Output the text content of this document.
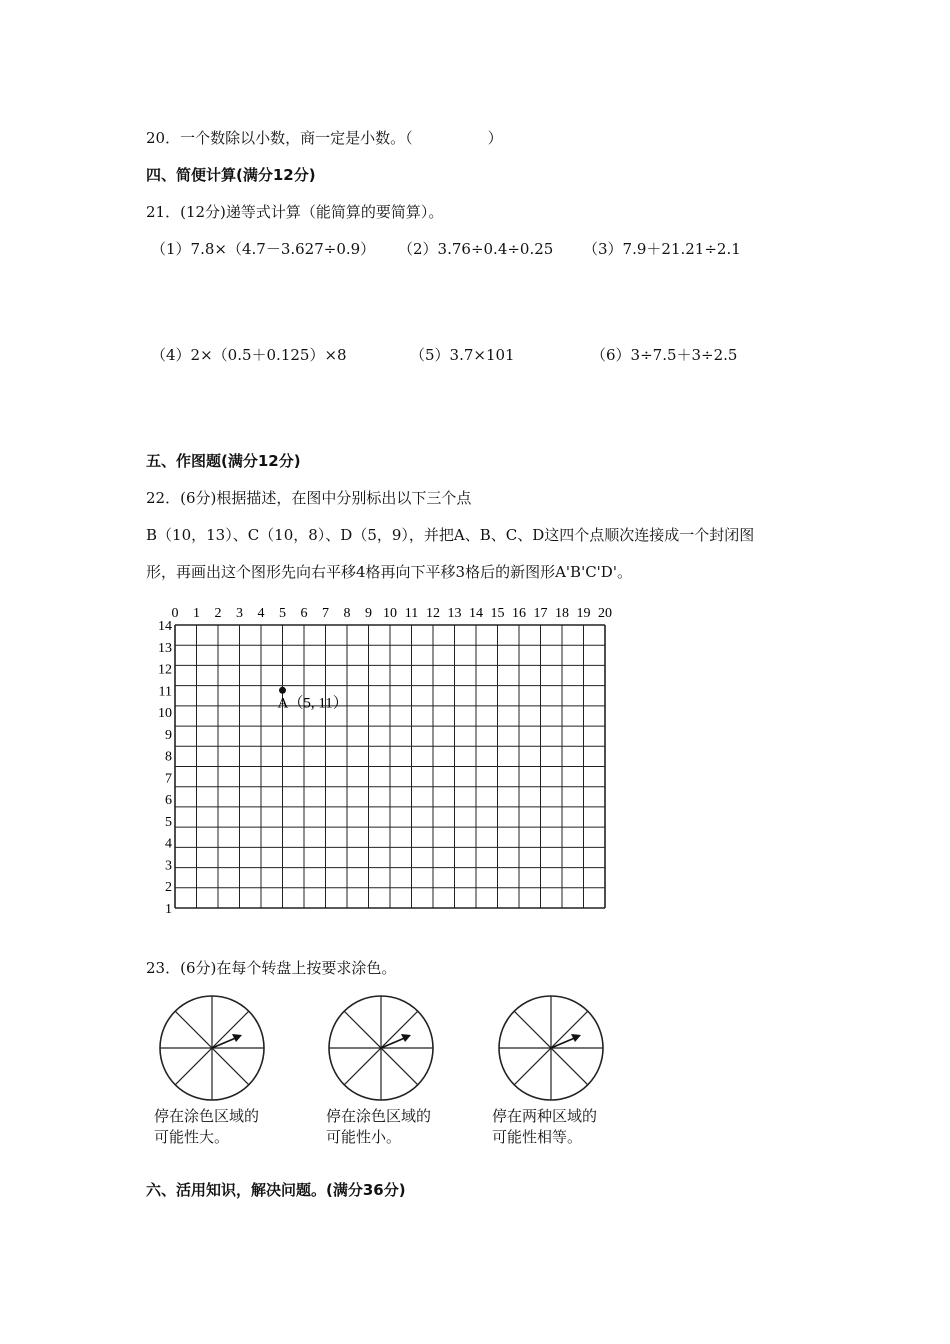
20．一个数除以小数，商一定是小数。（　　　　　）
四、简便计算(满分12分)
21．(12分)递等式计算（能简算的要简算）。
（1）7.8×（4.7－3.627÷0.9） （2）3.76÷0.4÷0.25 （3）7.9＋21.21÷2.1
（4）2×（0.5＋0.125）×8	（5）3.7×101	（6）3÷7.5＋3÷2.5
五、作图题(满分12分)
22．(6分)根据描述，在图中分别标出以下三个点
B（10，13）、C（10，8）、D（5，9），并把A、B、C、D这四个点顺次连接成一个封闭图
形，再画出这个图形先向右平移4格再向下平移3格后的新图形A'B'C'D'。
0 1 2 3 4 5 6 7 8 9 10 11 12 13 14 15 16 17 18 19 20
1
2
3
4
5
6
7
8
9
10
11
12
13
14
A（5, 11）
23．(6分)在每个转盘上按要求涂色。
停在涂色区域的
可能性大。
停在涂色区域的
可能性小。
停在两种区域的
可能性相等。
六、活用知识，解决问题。(满分36分)
